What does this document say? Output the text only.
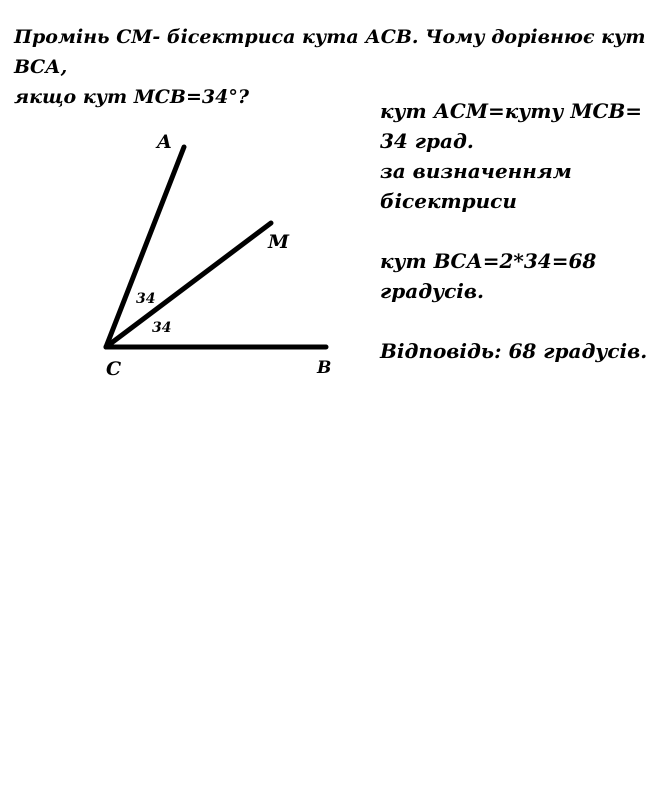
Промінь СМ- бісектриса кута АСВ. Чому дорівнює кут ВСА,
якщо кут МСВ=34°?
A
M
C	B
34
34

кут АСМ=куту МСВ=

34 град.

за визначенням

бісектриси

кут ВСА=2*34=68

градусів.

Відповідь: 68 градусів.
